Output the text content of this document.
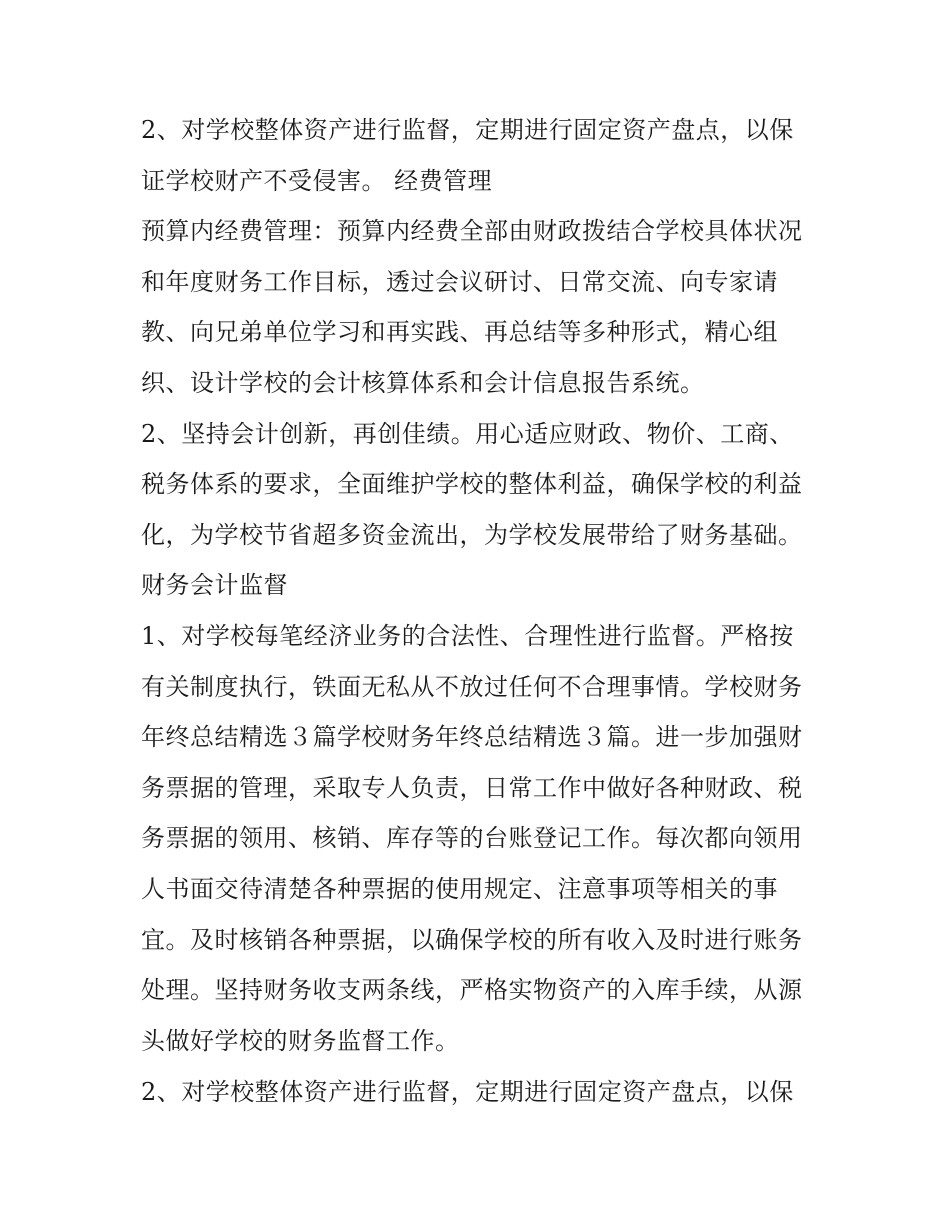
2、对学校整体资产进行监督，定期进行固定资产盘点，以保
证学校财产不受侵害。 经费管理
预算内经费管理：预算内经费全部由财政拨结合学校具体状况
和年度财务工作目标，透过会议研讨、日常交流、向专家请
教、向兄弟单位学习和再实践、再总结等多种形式，精心组
织、设计学校的会计核算体系和会计信息报告系统。
2、坚持会计创新，再创佳绩。用心适应财政、物价、工商、
税务体系的要求，全面维护学校的整体利益，确保学校的利益
化，为学校节省超多资金流出，为学校发展带给了财务基础。
财务会计监督
1、对学校每笔经济业务的合法性、合理性进行监督。严格按
有关制度执行，铁面无私从不放过任何不合理事情。学校财务
年终总结精选３篇学校财务年终总结精选３篇。进一步加强财
务票据的管理，采取专人负责，日常工作中做好各种财政、税
务票据的领用、核销、库存等的台账登记工作。每次都向领用
人书面交待清楚各种票据的使用规定、注意事项等相关的事
宜。及时核销各种票据，以确保学校的所有收入及时进行账务
处理。坚持财务收支两条线，严格实物资产的入库手续，从源
头做好学校的财务监督工作。
2、对学校整体资产进行监督，定期进行固定资产盘点，以保
